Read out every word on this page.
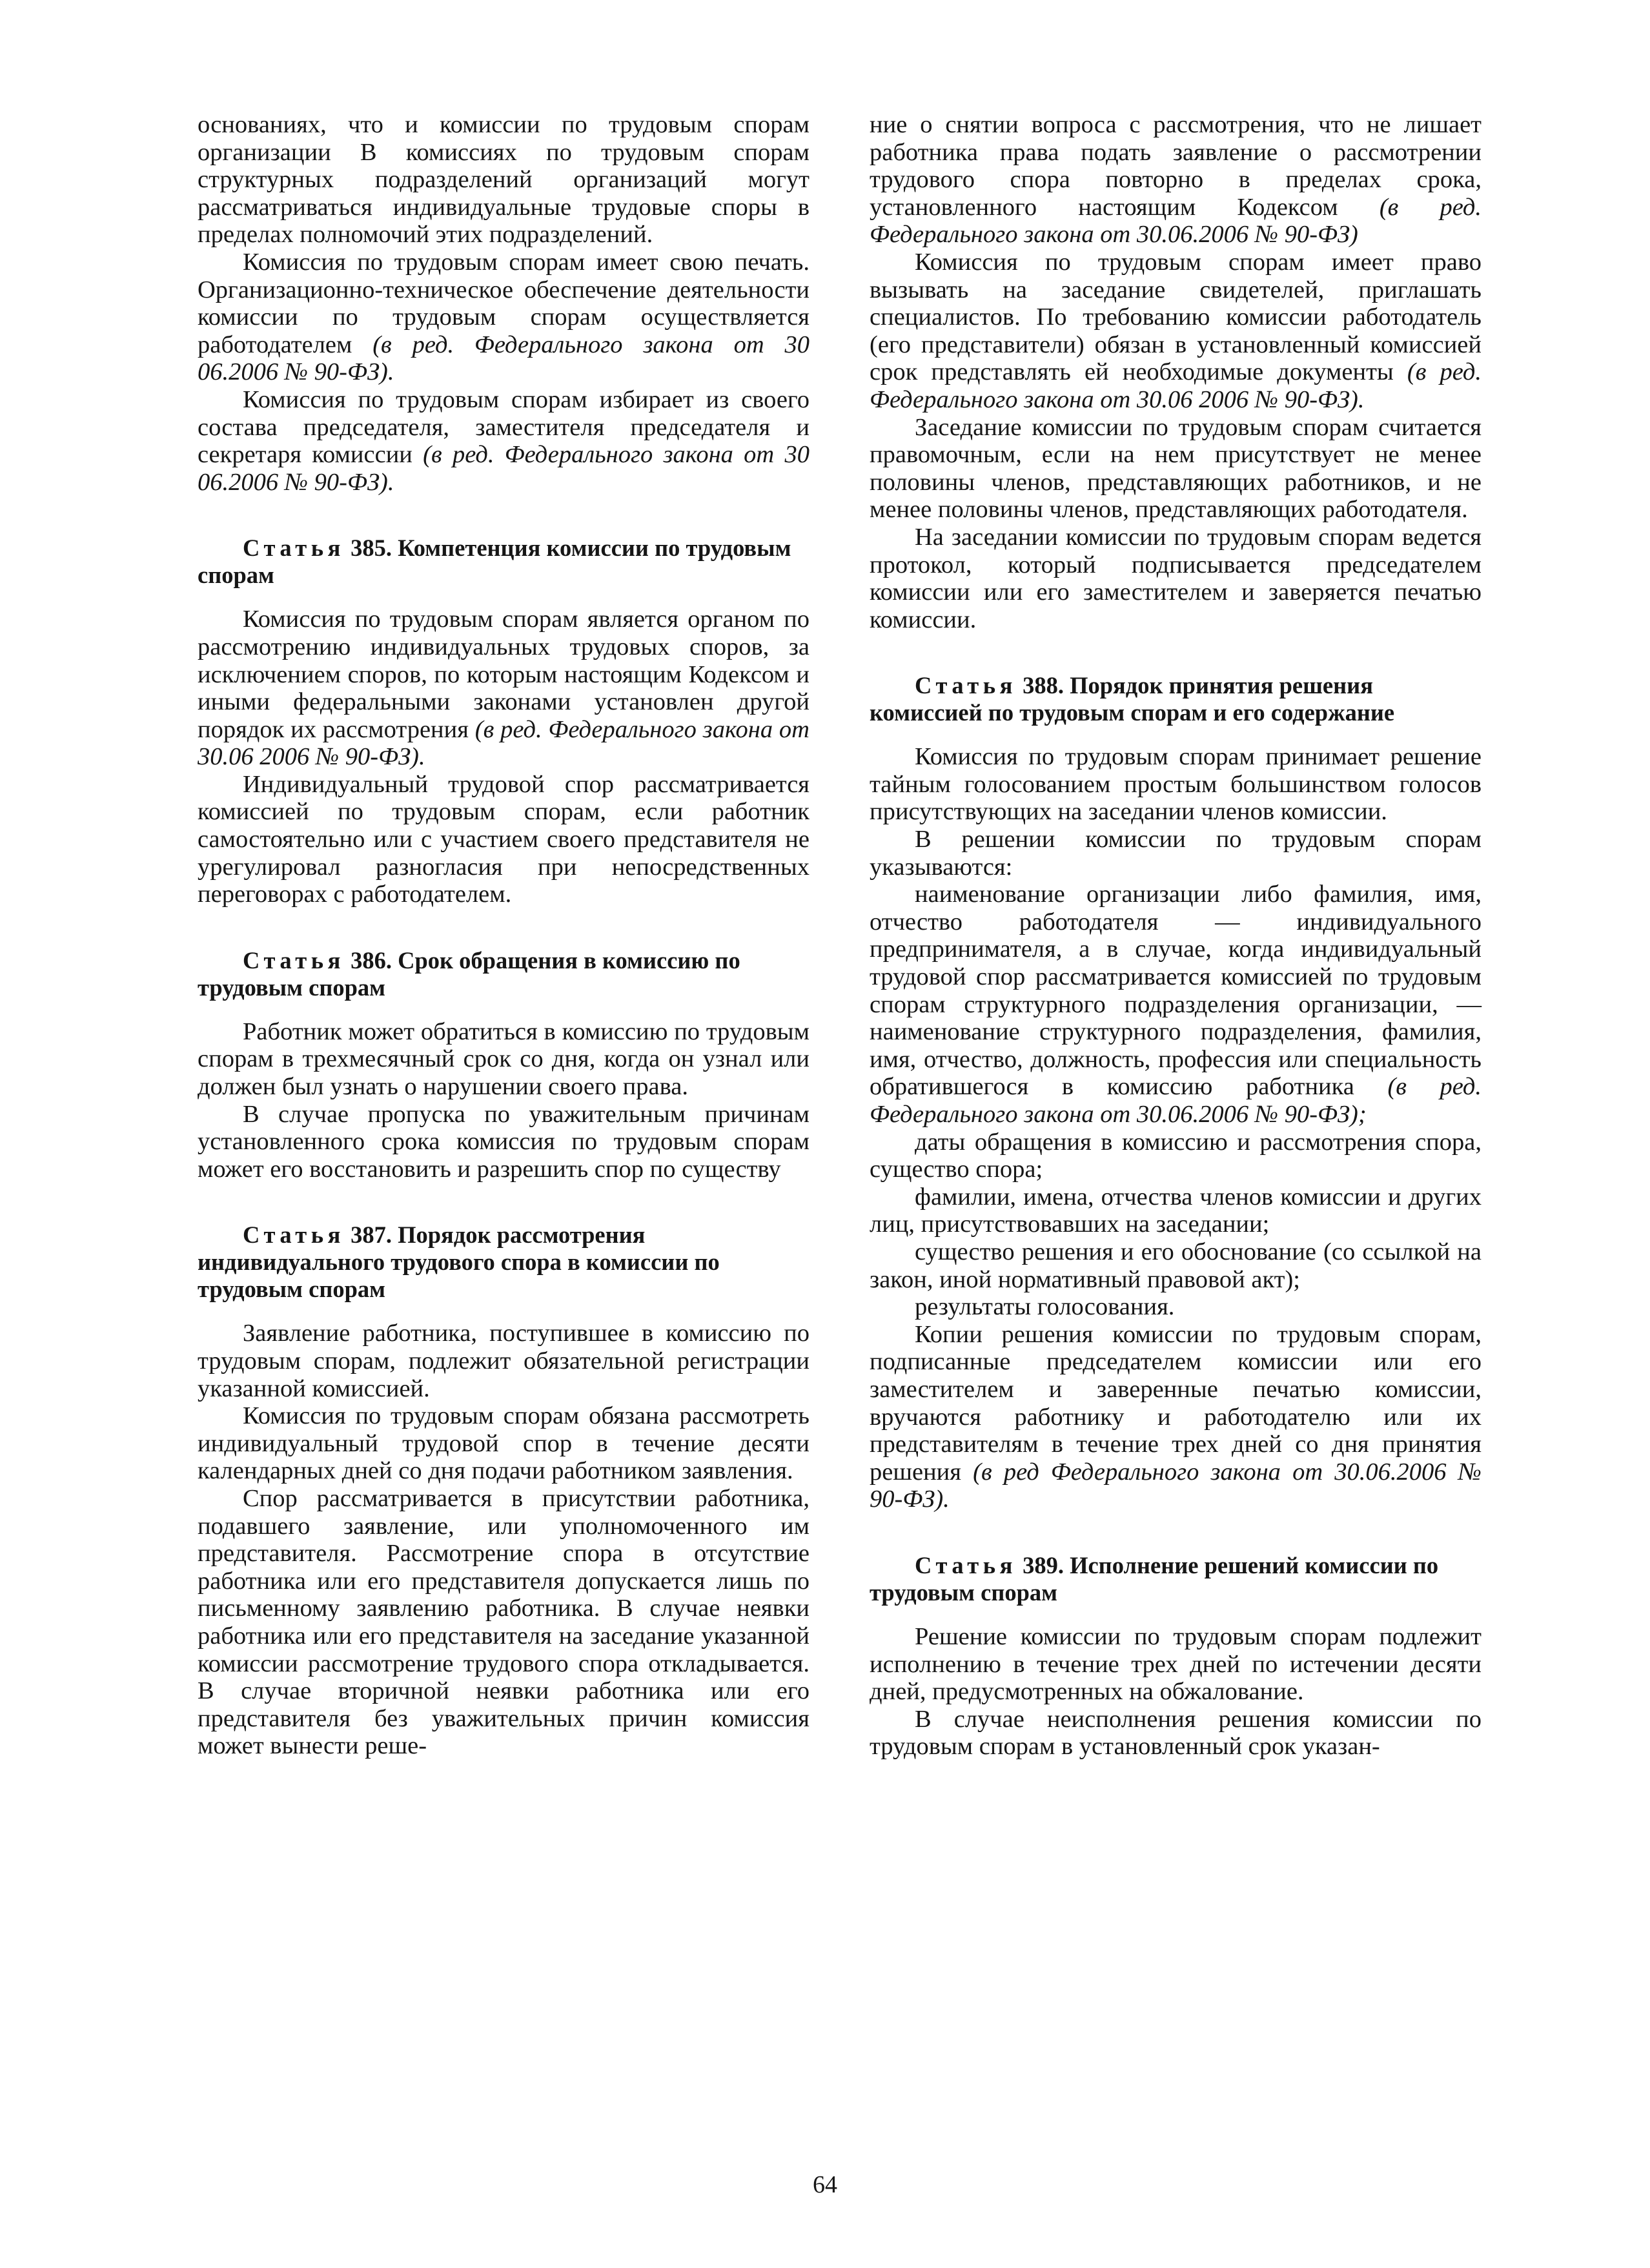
основаниях, что и комиссии по трудовым спорам организации В комиссиях по трудовым спорам структурных подразделений организаций могут рассматриваться индивидуальные трудовые споры в пределах полномочий этих подразделений.

Комиссия по трудовым спорам имеет свою печать. Организационно-техническое обеспечение деятельности комиссии по трудовым спорам осуществляется работодателем (в ред. Федерального закона от 30 06.2006 № 90-ФЗ).

Комиссия по трудовым спорам избирает из своего состава председателя, заместителя председателя и секретаря комиссии (в ред. Федерального закона от 30 06.2006 № 90-ФЗ).

Статья 385. Компетенция комиссии по трудовым спорам

Комиссия по трудовым спорам является органом по рассмотрению индивидуальных трудовых споров, за исключением споров, по которым настоящим Кодексом и иными федеральными законами установлен другой порядок их рассмотрения (в ред. Федерального закона от 30.06 2006 № 90-ФЗ).

Индивидуальный трудовой спор рассматривается комиссией по трудовым спорам, если работник самостоятельно или с участием своего представителя не урегулировал разногласия при непосредственных переговорах с работодателем.

Статья 386. Срок обращения в комиссию по трудовым спорам

Работник может обратиться в комиссию по трудовым спорам в трехмесячный срок со дня, когда он узнал или должен был узнать о нарушении своего права.

В случае пропуска по уважительным причинам установленного срока комиссия по трудовым спорам может его восстановить и разрешить спор по существу

Статья 387. Порядок рассмотрения индивидуального трудового спора в комиссии по трудовым спорам

Заявление работника, поступившее в комиссию по трудовым спорам, подлежит обязательной регистрации указанной комиссией.

Комиссия по трудовым спорам обязана рассмотреть индивидуальный трудовой спор в течение десяти календарных дней со дня подачи работником заявления.

Спор рассматривается в присутствии работника, подавшего заявление, или уполномоченного им представителя. Рассмотрение спора в отсутствие работника или его представителя допускается лишь по письменному заявлению работника. В случае неявки работника или его представителя на заседание указанной комиссии рассмотрение трудового спора откладывается. В случае вторичной неявки работника или его представителя без уважительных причин комиссия может вынести реше-

ние о снятии вопроса с рассмотрения, что не лишает работника права подать заявление о рассмотрении трудового спора повторно в пределах срока, установленного настоящим Кодексом (в ред. Федерального закона от 30.06.2006 № 90-ФЗ)

Комиссия по трудовым спорам имеет право вызывать на заседание свидетелей, приглашать специалистов. По требованию комиссии работодатель (его представители) обязан в установленный комиссией срок представлять ей необходимые документы (в ред. Федерального закона от 30.06 2006 № 90-ФЗ).

Заседание комиссии по трудовым спорам считается правомочным, если на нем присутствует не менее половины членов, представляющих работников, и не менее половины членов, представляющих работодателя.

На заседании комиссии по трудовым спорам ведется протокол, который подписывается председателем комиссии или его заместителем и заверяется печатью комиссии.

Статья 388. Порядок принятия решения комиссией по трудовым спорам и его содержание

Комиссия по трудовым спорам принимает решение тайным голосованием простым большинством голосов присутствующих на заседании членов комиссии.

В решении комиссии по трудовым спорам указываются:

наименование организации либо фамилия, имя, отчество работодателя — индивидуального предпринимателя, а в случае, когда индивидуальный трудовой спор рассматривается комиссией по трудовым спорам структурного подразделения организации, — наименование структурного подразделения, фамилия, имя, отчество, должность, профессия или специальность обратившегося в комиссию работника (в ред. Федерального закона от 30.06.2006 № 90-ФЗ);

даты обращения в комиссию и рассмотрения спора, существо спора;

фамилии, имена, отчества членов комиссии и других лиц, присутствовавших на заседании;

существо решения и его обоснование (со ссылкой на закон, иной нормативный правовой акт);

результаты голосования.

Копии решения комиссии по трудовым спорам, подписанные председателем комиссии или его заместителем и заверенные печатью комиссии, вручаются работнику и работодателю или их представителям в течение трех дней со дня принятия решения (в ред Федерального закона от 30.06.2006 № 90-ФЗ).

Статья 389. Исполнение решений комиссии по трудовым спорам

Решение комиссии по трудовым спорам подлежит исполнению в течение трех дней по истечении десяти дней, предусмотренных на обжалование.

В случае неисполнения решения комиссии по трудовым спорам в установленный срок указан-

64
